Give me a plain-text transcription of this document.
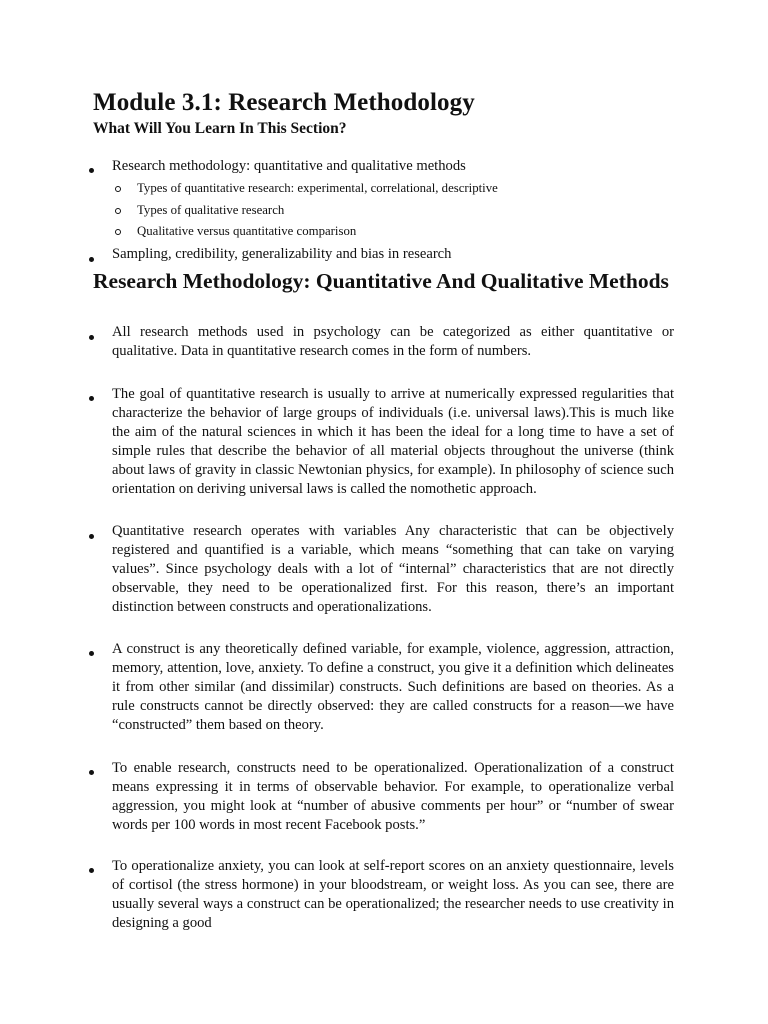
Module 3.1: Research Methodology
What Will You Learn In This Section?
Research methodology: quantitative and qualitative methods
Types of quantitative research: experimental, correlational, descriptive
Types of qualitative research
Qualitative versus quantitative comparison
Sampling, credibility, generalizability and bias in research
Research Methodology: Quantitative And Qualitative Methods

All research methods used in psychology can be categorized as either quantitative or qualitative. Data in quantitative research comes in the form of numbers.

The goal of quantitative research is usually to arrive at numerically expressed regularities that characterize the behavior of large groups of individuals (i.e. universal laws).This is much like the aim of the natural sciences in which it has been the ideal for a long time to have a set of simple rules that describe the behavior of all material objects throughout the universe (think about laws of gravity in classic Newtonian physics, for example). In philosophy of science such orientation on deriving universal laws is called the nomothetic approach.

Quantitative research operates with variables Any characteristic that can be objectively registered and quantified is a variable, which means “something that can take on varying values”. Since psychology deals with a lot of “internal” characteristics that are not directly observable, they need to be operationalized first. For this reason, there’s an important distinction between constructs and operationalizations.

A construct is any theoretically defined variable, for example, violence, aggression, attraction, memory, attention, love, anxiety. To define a construct, you give it a definition which delineates it from other similar (and dissimilar) constructs. Such definitions are based on theories. As a rule constructs cannot be directly observed: they are called constructs for a reason—we have “constructed” them based on theory.

To enable research, constructs need to be operationalized. Operationalization of a construct means expressing it in terms of observable behavior. For example, to operationalize verbal aggression, you might look at “number of abusive comments per hour” or “number of swear words per 100 words in most recent Facebook posts.”

To operationalize anxiety, you can look at self-report scores on an anxiety questionnaire, levels of cortisol (the stress hormone) in your bloodstream, or weight loss. As you can see, there are usually several ways a construct can be operationalized; the researcher needs to use creativity in designing a good
